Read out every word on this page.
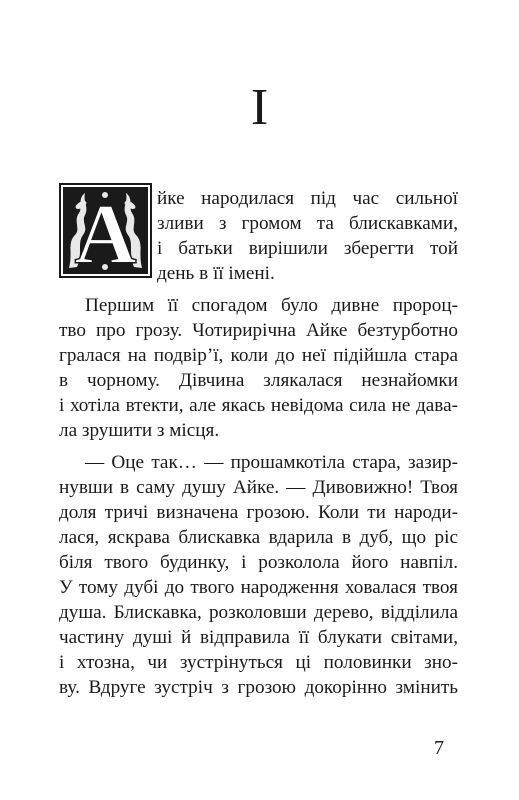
I
А йке народилася під час сильної
зливи з громом та блискавками,
і батьки вирішили зберегти той
день в її імені.
Першим її спогадом було дивне пророц-
тво про грозу. Чотирирічна Айке безтурботно
гралася на подвір’ї, коли до неї підійшла стара
в чорному. Дівчина злякалася незнайомки
і хотіла втекти, але якась невідома сила не дава-
ла зрушити з місця.
— Оце так… — прошамкотіла стара, зазир-
нувши в саму душу Айке. — Дивовижно! Твоя
доля тричі визначена грозою. Коли ти народи-
лася, яскрава блискавка вдарила в дуб, що ріс
біля твого будинку, і розколола його навпіл.
У тому дубі до твого народження ховалася твоя
душа. Блискавка, розколовши дерево, відділила
частину душі й відправила її блукати світами,
і хтозна, чи зустрінуться ці половинки зно-
ву. Вдруге зустріч з грозою докорінно змінить
7
